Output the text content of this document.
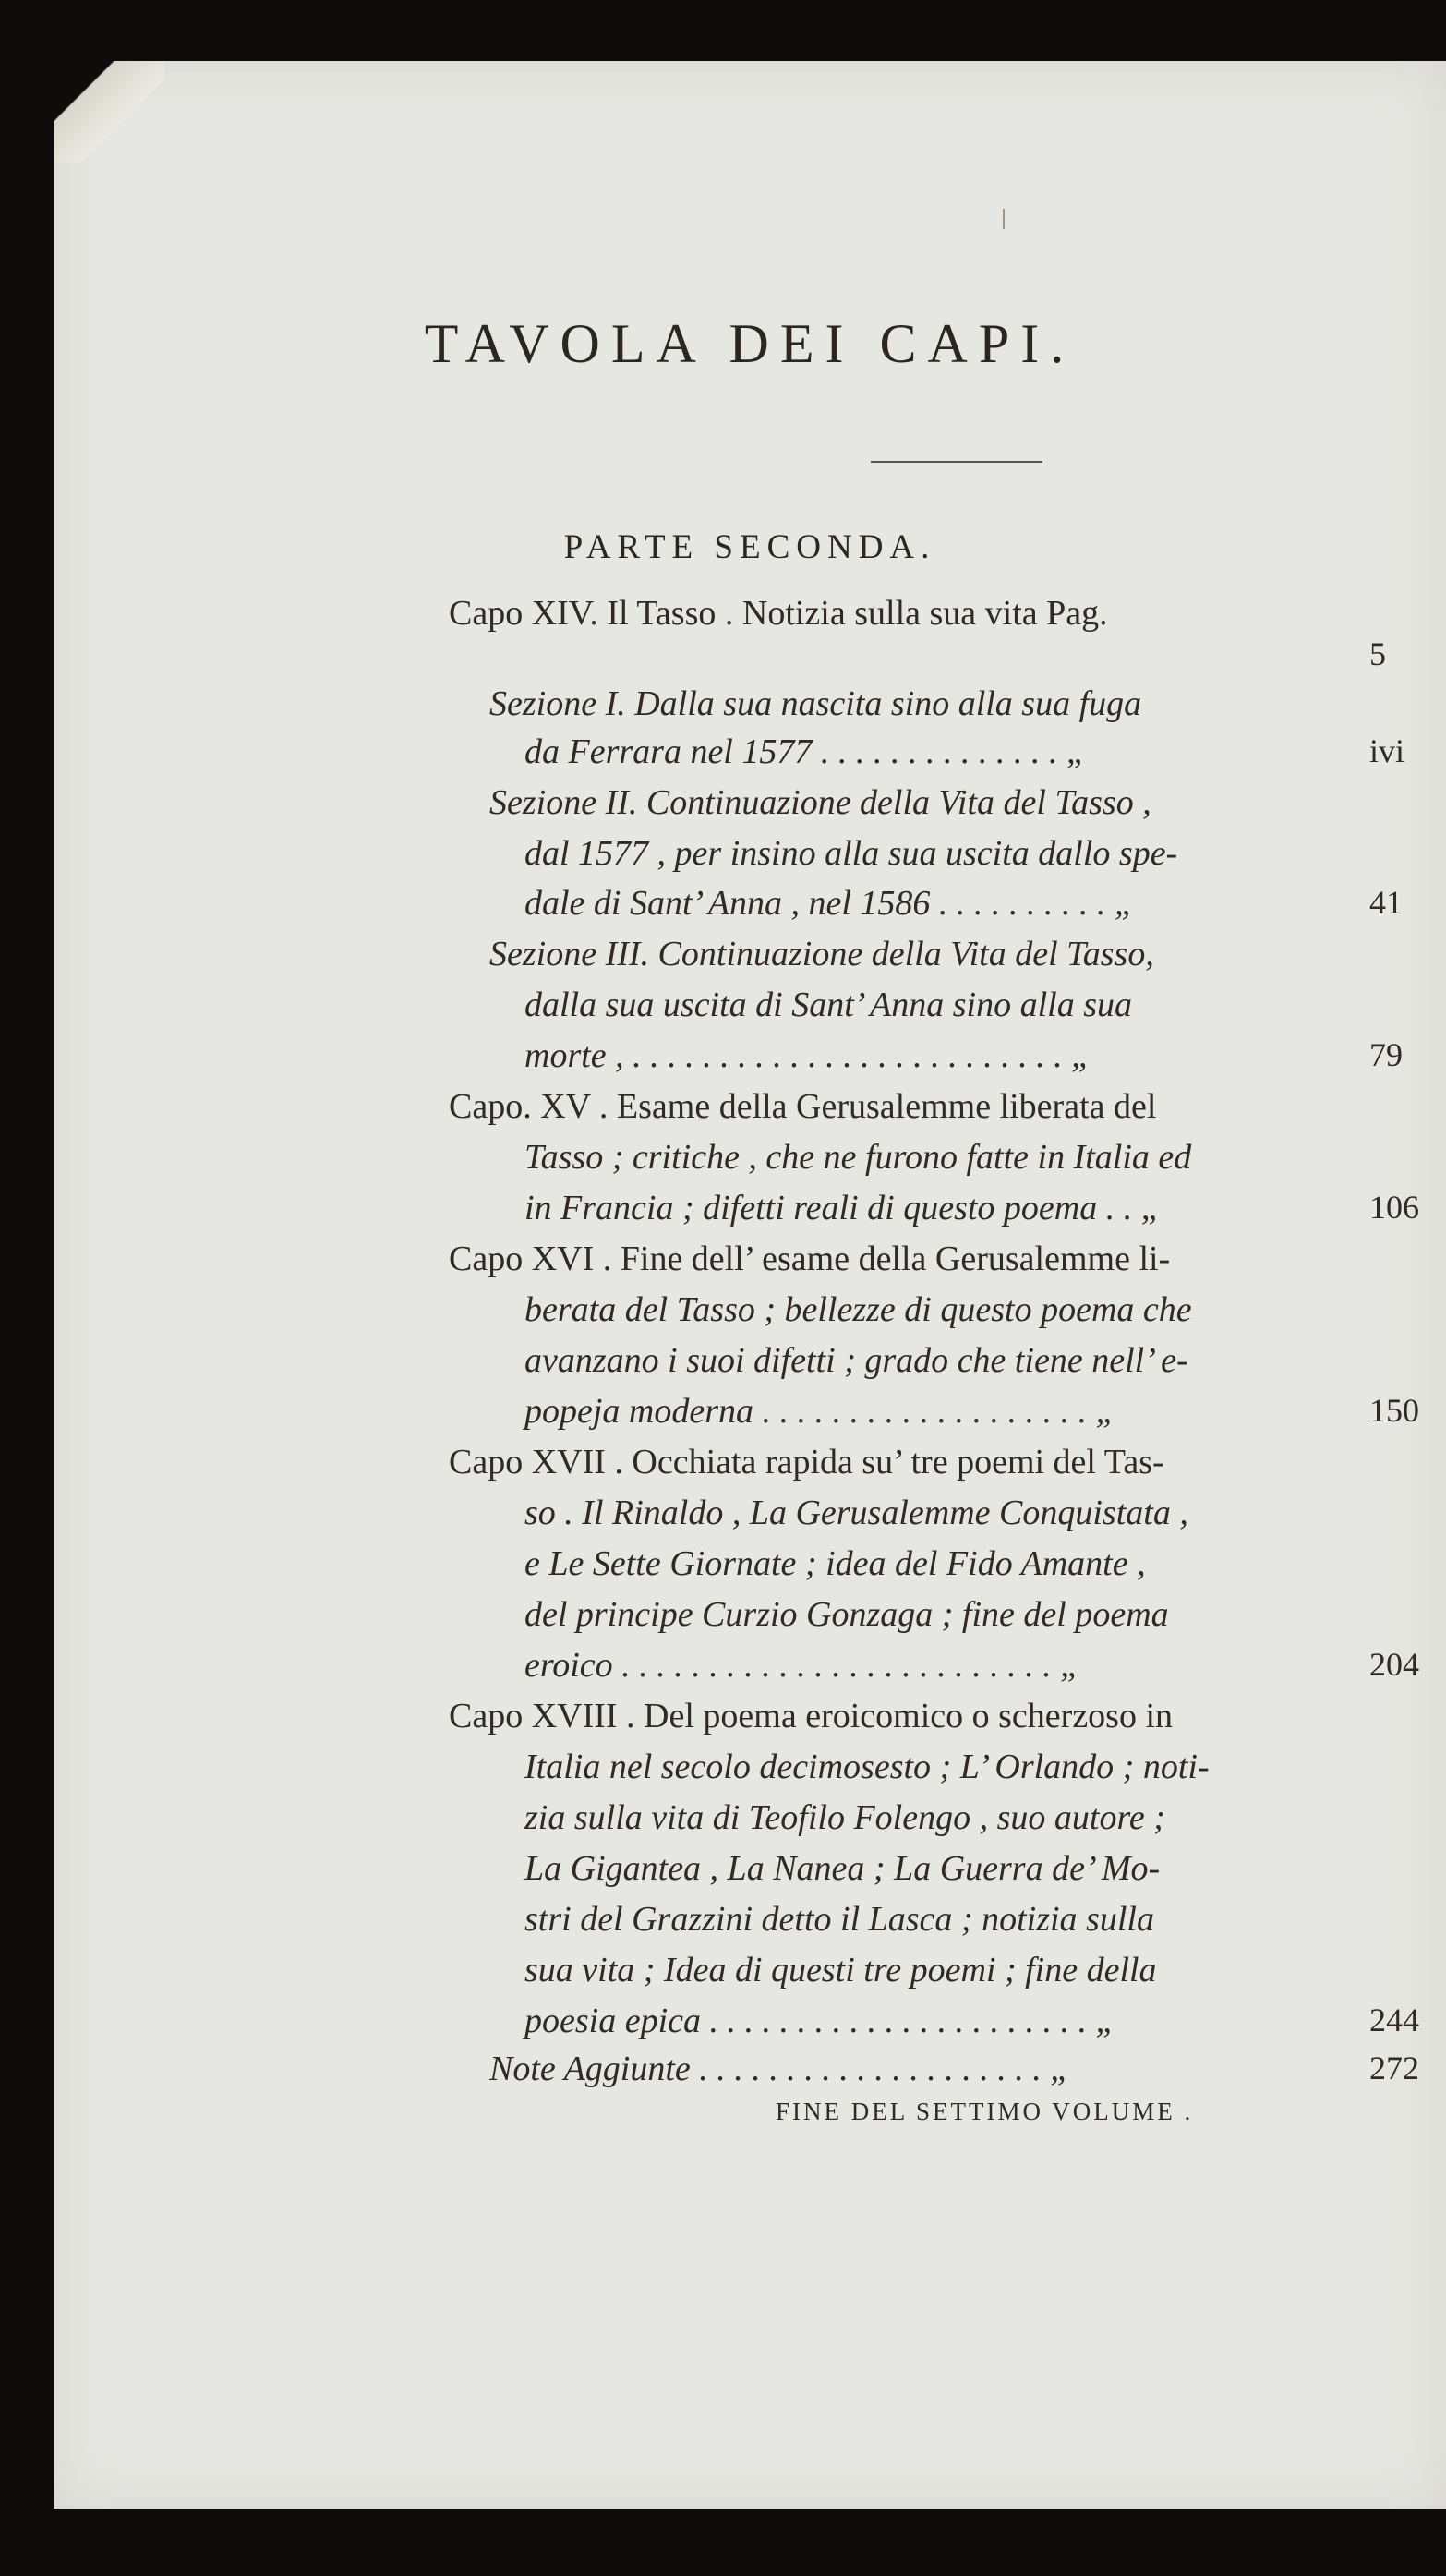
TAVOLA DEI CAPI.
PARTE SECONDA.
Capo XIV. Il Tasso . Notizia sulla sua vita Pag.
Sezione I. Dalla sua nascita sino alla sua fuga
da Ferrara nel 1577 . . . . . . . . . . . . . . „
Sezione II. Continuazione della Vita del Tasso ,
dal 1577 , per insino alla sua uscita dallo spe-
dale di Sant’ Anna , nel 1586 . . . . . . . . . . „
Sezione III. Continuazione della Vita del Tasso,
dalla sua uscita di Sant’ Anna sino alla sua
morte , . . . . . . . . . . . . . . . . . . . . . . . . . „
Capo. XV . Esame della Gerusalemme liberata del
Tasso ; critiche , che ne furono fatte in Italia ed
in Francia ; difetti reali di questo poema . . „
Capo XVI . Fine dell’ esame della Gerusalemme li-
berata del Tasso ; bellezze di questo poema che
avanzano i suoi difetti ; grado che tiene nell’ e-
popeja moderna . . . . . . . . . . . . . . . . . . . „
Capo XVII . Occhiata rapida su’ tre poemi del Tas-
so . Il Rinaldo , La Gerusalemme Conquistata ,
e Le Sette Giornate ; idea del Fido Amante ,
del principe Curzio Gonzaga ; fine del poema
eroico . . . . . . . . . . . . . . . . . . . . . . . . . „
Capo XVIII . Del poema eroicomico o scherzoso in
Italia nel secolo decimosesto ; L’ Orlando ; noti-
zia sulla vita di Teofilo Folengo , suo autore ;
La Gigantea , La Nanea ; La Guerra de’ Mo-
stri del Grazzini detto il Lasca ; notizia sulla
sua vita ; Idea di questi tre poemi ; fine della
poesia epica . . . . . . . . . . . . . . . . . . . . . . „
Note Aggiunte . . . . . . . . . . . . . . . . . . . . „
5
ivi
41
79
106
150
204
244
272
FINE DEL SETTIMO VOLUME .
